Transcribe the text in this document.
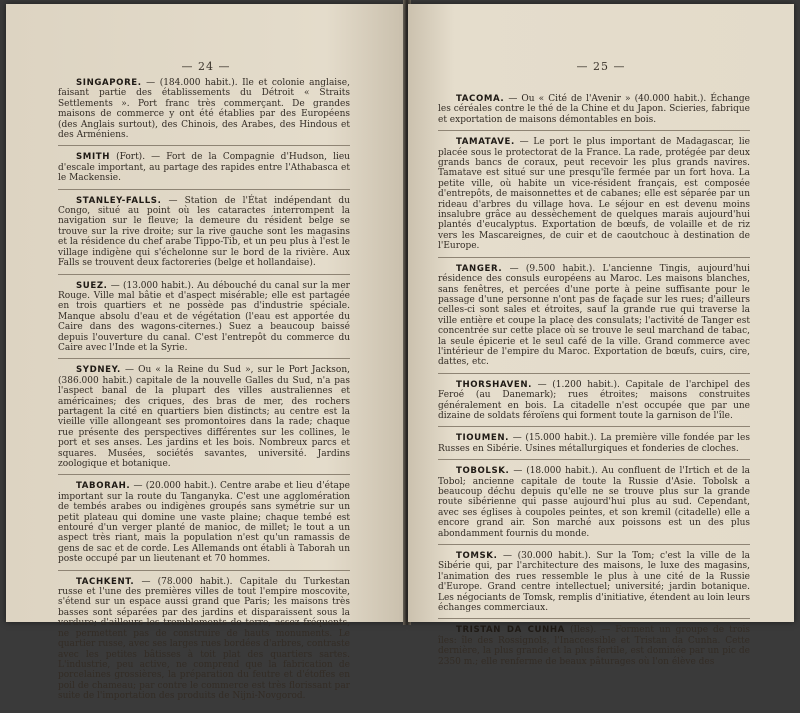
— 24 —
SINGAPORE. — (184.000 habit.). Ile et colonie anglaise, faisant partie des établissements du Détroit « Straits Settlements ». Port franc très commerçant. De grandes maisons de commerce y ont été établies par des Européens (des Anglais surtout), des Chinois, des Arabes, des Hindous et des Arméniens.
SMITH (Fort). — Fort de la Compagnie d'Hudson, lieu d'escale important, au partage des rapides entre l'Athabasca et le Mackensie.
STANLEY-FALLS. — Station de l'État indépendant du Congo, situé au point où les cataractes interrompent la navigation sur le fleuve; la demeure du résident belge se trouve sur la rive droite; sur la rive gauche sont les magasins et la résidence du chef arabe Tippo-Tib, et un peu plus à l'est le village indigène qui s'échelonne sur le bord de la rivière. Aux Falls se trouvent deux factoreries (belge et hollandaise).
SUEZ. — (13.000 habit.). Au débouché du canal sur la mer Rouge. Ville mal bâtie et d'aspect misérable; elle est partagée en trois quartiers et ne possède pas d'industrie spéciale. Manque absolu d'eau et de végétation (l'eau est apportée du Caire dans des wagons-citernes.) Suez a beaucoup baissé depuis l'ouverture du canal. C'est l'entrepôt du commerce du Caire avec l'Inde et la Syrie.
SYDNEY. — Ou « la Reine du Sud », sur le Port Jackson, (386.000 habit.) capitale de la nouvelle Galles du Sud, n'a pas l'aspect banal de la plupart des villes australiennes et américaines; des criques, des bras de mer, des rochers partagent la cité en quartiers bien distincts; au centre est la vieille ville allongeant ses promontoires dans la rade; chaque rue présente des perspectives différentes sur les collines, le port et ses anses. Les jardins et les bois. Nombreux parcs et squares. Musées, sociétés savantes, université. Jardins zoologique et botanique.
TABORAH. — (20.000 habit.). Centre arabe et lieu d'étape important sur la route du Tanganyka. C'est une agglomération de tembés arabes ou indigènes groupés sans symétrie sur un petit plateau qui domine une vaste plaine; chaque tembé est entouré d'un verger planté de manioc, de millet; le tout a un aspect très riant, mais la population n'est qu'un ramassis de gens de sac et de corde. Les Allemands ont établi à Taborah un poste occupé par un lieutenant et 70 hommes.
TACHKENT. — (78.000 habit.). Capitale du Turkestan russe et l'une des premières villes de tout l'empire moscovite, s'étend sur un espace aussi grand que Paris; les maisons très basses sont séparées par des jardins et disparaissent sous la verdure; d'ailleurs les tremblements de terre, assez fréquents, ne permettent pas de construire de hauts monuments. Le quartier russe, avec ses larges rues bordées d'arbres, contraste avec les petites bâtisses à toit plat des quartiers sartes. L'industrie, peu active, ne comprend que la fabrication de porcelaines grossières, la préparation du feutre et d'étoffes en poil de chameau; par contre le commerce est très florissant par suite de l'importation des produits de Nijni-Novgorod.
— 25 —
TACOMA. — Ou « Cité de l'Avenir » (40.000 habit.). Échange les céréales contre le thé de la Chine et du Japon. Scieries, fabrique et exportation de maisons démontables en bois.
TAMATAVE. — Le port le plus important de Madagascar, lie placée sous le protectorat de la France. La rade, protégée par deux grands bancs de coraux, peut recevoir les plus grands navires. Tamatave est situé sur une presqu'île fermée par un fort hova. La petite ville, où habite un vice-résident français, est composée d'entrepôts, de maisonnettes et de cabanes; elle est séparée par un rideau d'arbres du village hova. Le séjour en est devenu moins insalubre grâce au dessèchement de quelques marais aujourd'hui plantés d'eucalyptus. Exportation de bœufs, de volaille et de riz vers les Mascareignes, de cuir et de caoutchouc à destination de l'Europe.
TANGER. — (9.500 habit.). L'ancienne Tingis, aujourd'hui résidence des consuls européens au Maroc. Les maisons blanches, sans fenêtres, et percées d'une porte à peine suffisante pour le passage d'une personne n'ont pas de façade sur les rues; d'ailleurs celles-ci sont sales et étroites, sauf la grande rue qui traverse la ville entière et coupe la place des consulats; l'activité de Tanger est concentrée sur cette place où se trouve le seul marchand de tabac, la seule épicerie et le seul café de la ville. Grand commerce avec l'intérieur de l'empire du Maroc. Exportation de bœufs, cuirs, cire, dattes, etc.
THORSHAVEN. — (1.200 habit.). Capitale de l'archipel des Feroé (au Danemark); rues étroites; maisons construites généralement en bois. La citadelle n'est occupée que par une dizaine de soldats féroïens qui forment toute la garnison de l'île.
TIOUMEN. — (15.000 habit.). La première ville fondée par les Russes en Sibérie. Usines métallurgiques et fonderies de cloches.
TOBOLSK. — (18.000 habit.). Au confluent de l'Irtich et de la Tobol; ancienne capitale de toute la Russie d'Asie. Tobolsk a beaucoup déchu depuis qu'elle ne se trouve plus sur la grande route sibérienne qui passe aujourd'hui plus au sud. Cependant, avec ses églises à coupoles peintes, et son kremil (citadelle) elle a encore grand air. Son marché aux poissons est un des plus abondamment fournis du monde.
TOMSK. — (30.000 habit.). Sur la Tom; c'est la ville de la Sibérie qui, par l'architecture des maisons, le luxe des magasins, l'animation des rues ressemble le plus à une cité de la Russie d'Europe. Grand centre intellectuel; université; jardin botanique. Les négociants de Tomsk, remplis d'initiative, étendent au loin leurs échanges commerciaux.
TRISTAN DA CUNHA (Iles). — Forment un groupe de trois îles: île des Rossignols, l'Inaccessible et Tristan da Cunha. Cette dernière, la plus grande et la plus fertile, est dominée par un pic de 2350 m.; elle renferme de beaux pâturages où l'on élève des
